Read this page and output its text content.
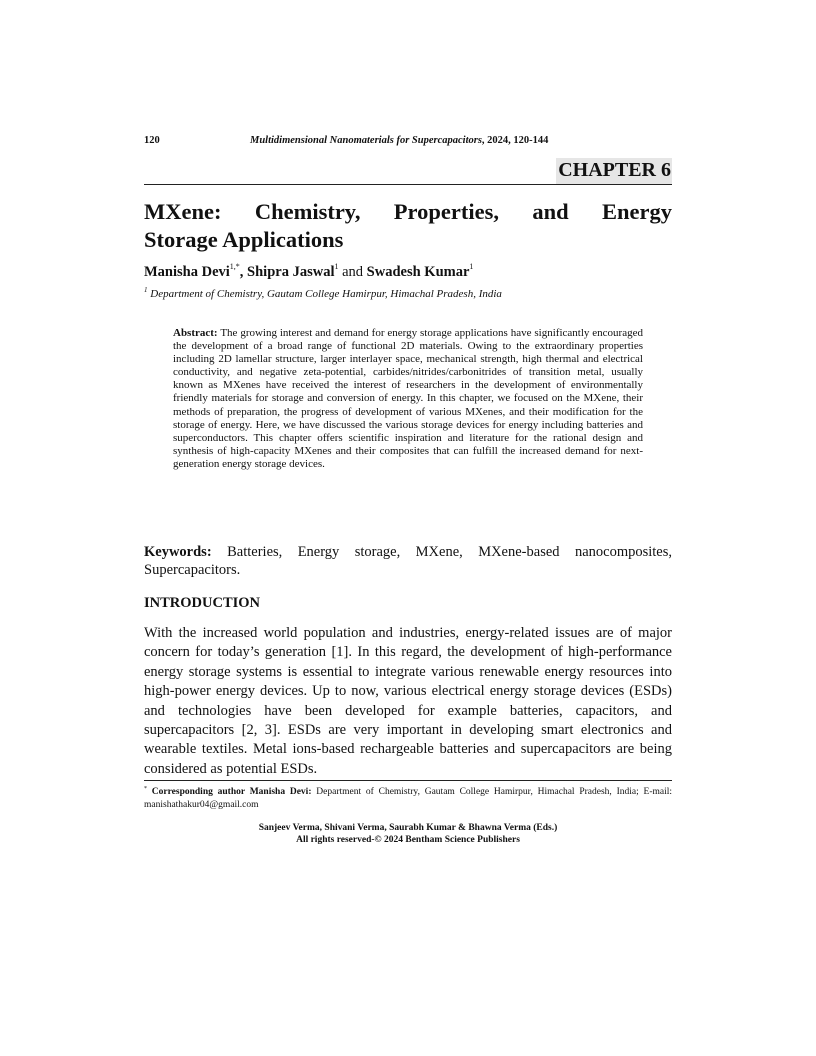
120	Multidimensional Nanomaterials for Supercapacitors, 2024, 120-144
CHAPTER 6
MXene: Chemistry, Properties, and Energy
Storage Applications
Manisha Devi$^{1,*}$, Shipra Jaswal$^1$ and Swadesh Kumar$^1$
$^1$ Department of Chemistry, Gautam College Hamirpur, Himachal Pradesh, India

Abstract: The growing interest and demand for energy storage applications have significantly encouraged the development of a broad range of functional 2D materials. Owing to the extraordinary properties including 2D lamellar structure, larger interlayer space, mechanical strength, high thermal and electrical conductivity, and negative zeta-potential, carbides/nitrides/carbonitrides of transition metal, usually known as MXenes have received the interest of researchers in the development of environmentally friendly materials for storage and conversion of energy. In this chapter, we focused on the MXene, their methods of preparation, the progress of development of various MXenes, and their modification for the storage of energy. Here, we have discussed the various storage devices for energy including batteries and superconductors. This chapter offers scientific inspiration and literature for the rational design and synthesis of high-capacity MXenes and their composites that can fulfill the increased demand for next-generation energy storage devices.

Keywords: Batteries, Energy storage, MXene, MXene-based nanocomposites, Supercapacitors.

INTRODUCTION

With the increased world population and industries, energy-related issues are of major concern for today’s generation [1]. In this regard, the development of high-performance energy storage systems is essential to integrate various renewable energy resources into high-power energy devices. Up to now, various electrical energy storage devices (ESDs) and technologies have been developed for example batteries, capacitors, and supercapacitors [2, 3]. ESDs are very important in developing smart electronics and wearable textiles. Metal ions-based rechargeable batteries and supercapacitors are being considered as potential ESDs.

* Corresponding author Manisha Devi: Department of Chemistry, Gautam College Hamirpur, Himachal Pradesh, India; E-mail: manishathakur04@gmail.com

Sanjeev Verma, Shivani Verma, Saurabh Kumar & Bhawna Verma (Eds.)
All rights reserved-© 2024 Bentham Science Publishers
